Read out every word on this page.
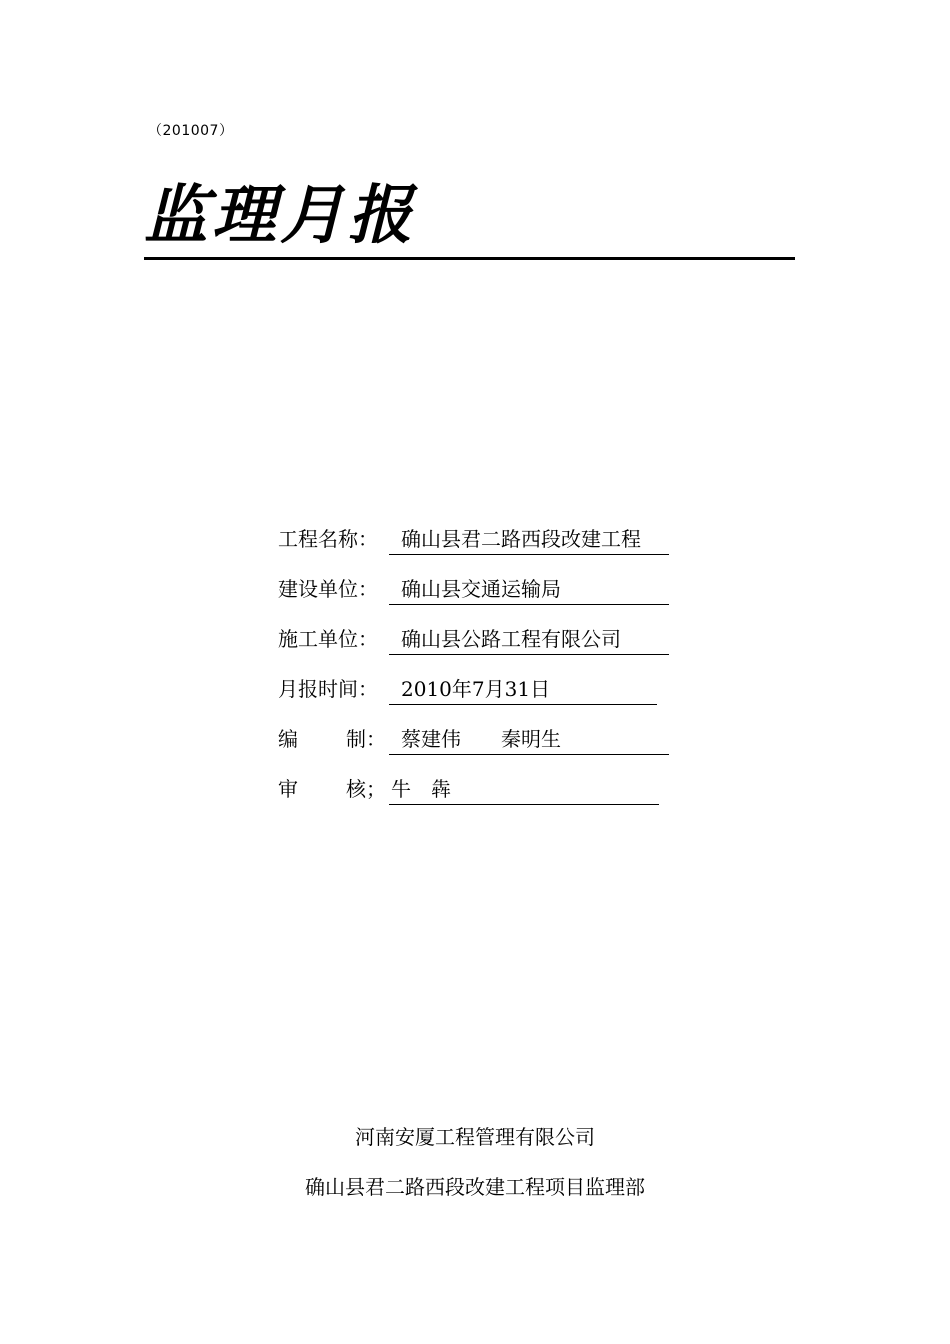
（201007）
监理月报
工程名称：	确山县君二路西段改建工程
建设单位：	确山县交通运输局
施工单位：	确山县公路工程有限公司
月报时间：	2010年7月31日
编 制： 蔡建伟　　秦明生
审 核； 牛　犇
河南安厦工程管理有限公司
确山县君二路西段改建工程项目监理部
